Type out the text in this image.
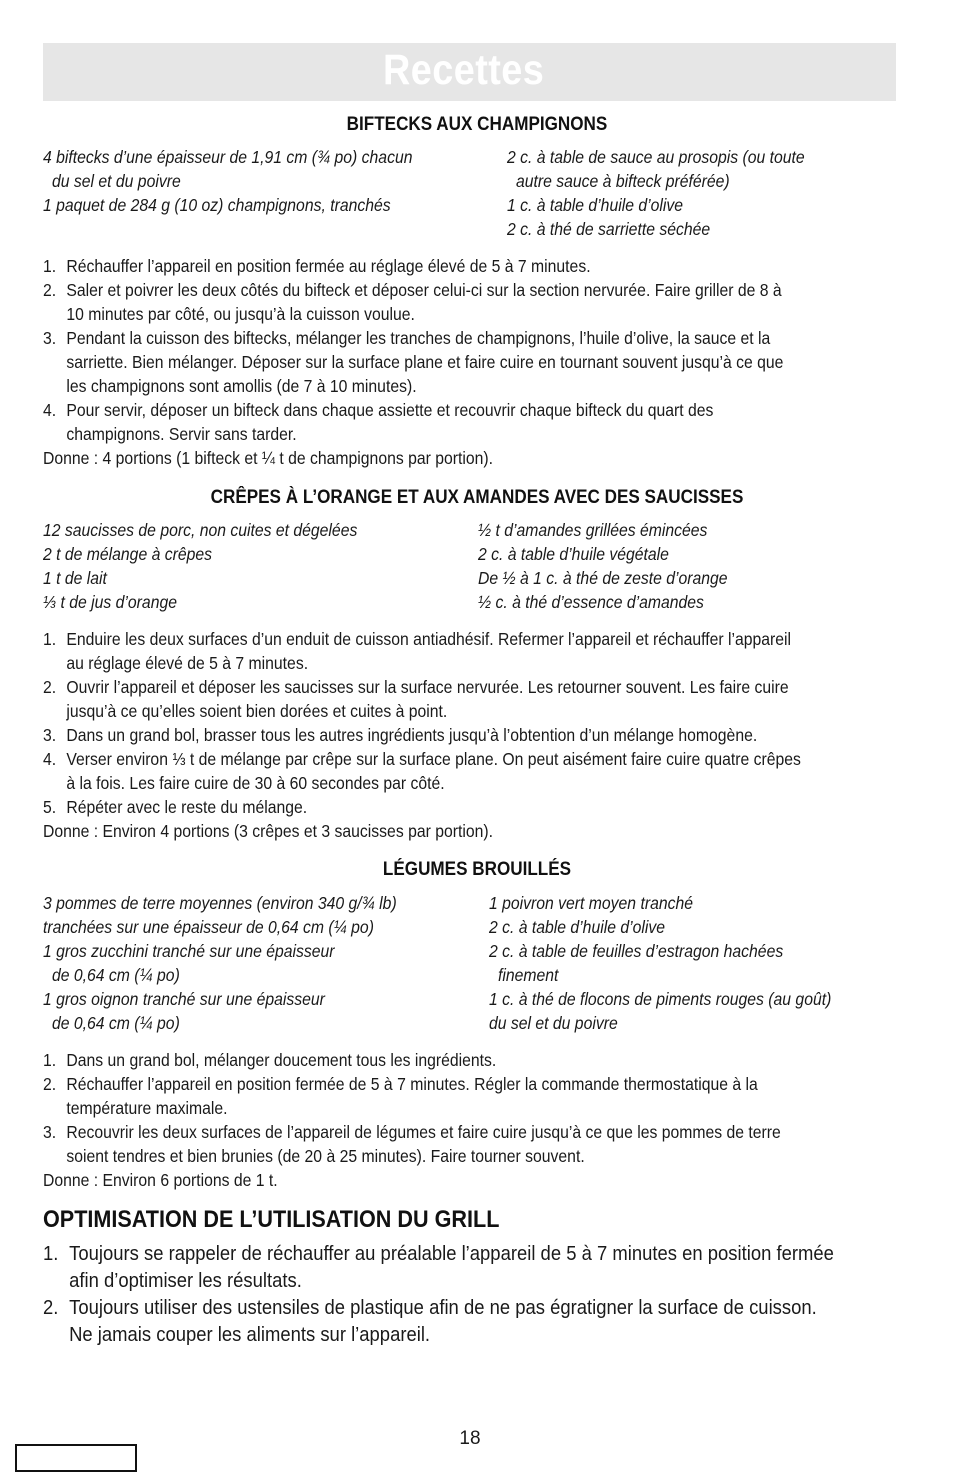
Recettes
BIFTECKS AUX CHAMPIGNONS
4 biftecks d’une épaisseur de 1,91 cm (¾ po) chacun
du sel et du poivre
1 paquet de 284 g (10 oz) champignons, tranchés
2 c. à table de sauce au prosopis (ou toute
autre sauce à bifteck préférée)
1 c. à table d’huile d’olive
2 c. à thé de sarriette séchée
1. Réchauffer l’appareil en position fermée au réglage élevé de 5 à 7 minutes.
2. Saler et poivrer les deux côtés du bifteck et déposer celui-ci sur la section nervurée. Faire griller de 8 à
10 minutes par côté, ou jusqu’à la cuisson voulue.
3. Pendant la cuisson des biftecks, mélanger les tranches de champignons, l’huile d’olive, la sauce et la
sarriette. Bien mélanger. Déposer sur la surface plane et faire cuire en tournant souvent jusqu’à ce que
les champignons sont amollis (de 7 à 10 minutes).
4. Pour servir, déposer un bifteck dans chaque assiette et recouvrir chaque bifteck du quart des
champignons. Servir sans tarder.
Donne : 4 portions (1 bifteck et ¼ t de champignons par portion).
CRÊPES À L’ORANGE ET AUX AMANDES AVEC DES SAUCISSES
12 saucisses de porc, non cuites et dégelées
2 t de mélange à crêpes
1 t de lait
⅓ t de jus d’orange
½ t d’amandes grillées émincées
2 c. à table d’huile végétale
De ½ à 1 c. à thé de zeste d’orange
½ c. à thé d’essence d’amandes
1. Enduire les deux surfaces d’un enduit de cuisson antiadhésif. Refermer l’appareil et réchauffer l’appareil
au réglage élevé de 5 à 7 minutes.
2. Ouvrir l’appareil et déposer les saucisses sur la surface nervurée. Les retourner souvent. Les faire cuire
jusqu’à ce qu’elles soient bien dorées et cuites à point.
3. Dans un grand bol, brasser tous les autres ingrédients jusqu’à l’obtention d’un mélange homogène.
4. Verser environ ⅓ t de mélange par crêpe sur la surface plane. On peut aisément faire cuire quatre crêpes
à la fois. Les faire cuire de 30 à 60 secondes par côté.
5. Répéter avec le reste du mélange.
Donne : Environ 4 portions (3 crêpes et 3 saucisses par portion).
LÉGUMES BROUILLÉS
3 pommes de terre moyennes (environ 340 g/¾ lb)
tranchées sur une épaisseur de 0,64 cm (¼ po)
1 gros zucchini tranché sur une épaisseur
de 0,64 cm (¼ po)
1 gros oignon tranché sur une épaisseur
de 0,64 cm (¼ po)
1 poivron vert moyen tranché
2 c. à table d’huile d’olive
2 c. à table de feuilles d’estragon hachées
finement
1 c. à thé de flocons de piments rouges (au goût)
du sel et du poivre
1. Dans un grand bol, mélanger doucement tous les ingrédients.
2. Réchauffer l’appareil en position fermée de 5 à 7 minutes. Régler la commande thermostatique à la
température maximale.
3. Recouvrir les deux surfaces de l’appareil de légumes et faire cuire jusqu’à ce que les pommes de terre
soient tendres et bien brunies (de 20 à 25 minutes). Faire tourner souvent.
Donne : Environ 6 portions de 1 t.
OPTIMISATION DE L’UTILISATION DU GRILL
1. Toujours se rappeler de réchauffer au préalable l’appareil de 5 à 7 minutes en position fermée
afin d’optimiser les résultats.
2. Toujours utiliser des ustensiles de plastique afin de ne pas égratigner la surface de cuisson.
Ne jamais couper les aliments sur l’appareil.
18
